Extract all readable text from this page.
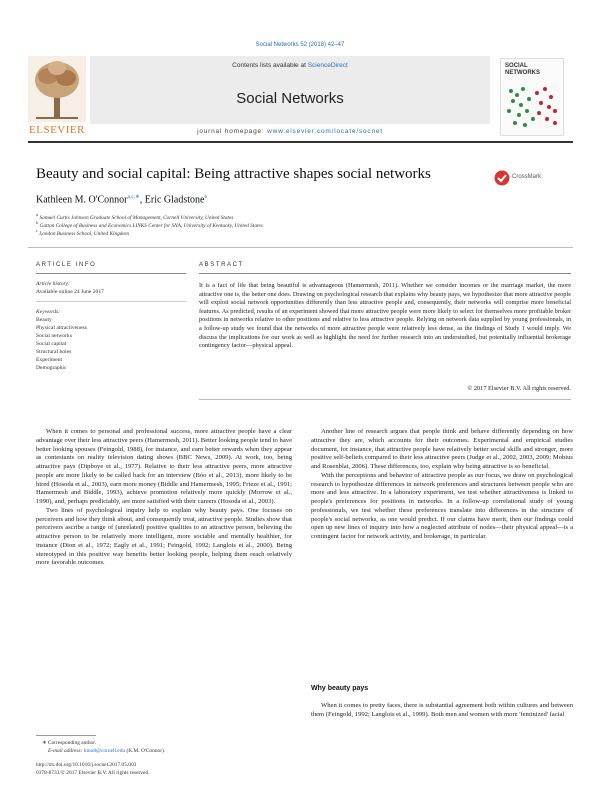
Social Networks 52 (2018) 42–47
ELSEVIER
Contents lists available at ScienceDirect
Social Networks
journal homepage: www.elsevier.com/locate/socnet
SOCIAL
NETWORKS
Beauty and social capital: Being attractive shapes social networks	CrossMark
Kathleen M. O'Connor$^{a,c,∗}$, Eric Gladstone$^b$
$^a$ Samuel Curtis Johnson Graduate School of Management, Cornell University, United States
$^b$ Gatton College of Business and Economics LINKS Center for SNA, University of Kentucky, United States
$^c$ London Business School, United Kingdom
ARTICLE INFO
Article history:
Available online 24 June 2017
Keywords:
Beauty
Physical attractiveness
Social networks
Social capital
Structural holes
Experiment
Demographic
ABSTRACT
It is a fact of life that being beautiful is advantageous (Hamermesh, 2011). Whether we consider incomes or the marriage market, the more attractive one is, the better one does. Drawing on psychological research that explains why beauty pays, we hypothesize that more attractive people will exploit social network opportunities differently than less attractive people and, consequently, their networks will comprise more beneficial features. As predicted, results of an experiment showed that more attractive people were more likely to select for themselves more profitable broker positions in networks relative to other positions and relative to less attractive people. Relying on network data supplied by young professionals, in a follow-up study we found that the networks of more attractive people were relatively less dense, as the findings of Study 1 would imply. We discuss the implications for our work as well as highlight the need for further research into an understudied, but potentially influential brokerage contingency factor—physical appeal.
© 2017 Elsevier B.V. All rights reserved.

When it comes to personal and professional success, more attractive people have a clear advantage over their less attractive peers (Hamermesh, 2011). Better looking people tend to have better looking spouses (Feingold, 1988), for instance, and earn better rewards when they appear as contestants on reality television dating shows (BBC News, 2009). At work, too, being attractive pays (Dipboye et al., 1977). Relative to their less attractive peers, more attractive people are more likely to be called back for an interview (Bóo et al., 2013), more likely to be hired (Hosoda et al., 2003), earn more money (Biddle and Hamermesh, 1995; Frieze et al., 1991; Hamermesh and Biddle, 1993), achieve promotion relatively more quickly (Morrow et al., 1990), and, perhaps predictably, are more satisfied with their careers (Hosoda et al., 2003).

Two lines of psychological inquiry help to explain why beauty pays. One focuses on perceivers and how they think about, and consequently treat, attractive people. Studies show that perceivers ascribe a range of (unrelated) positive qualities to an attractive person, believing the attractive person to be relatively more intelligent, more sociable and mentally healthier, for instance (Dion et al., 1972; Eagly et al., 1991; Feingold, 1992; Langlois et al., 2000). Being stereotyped in this positive way benefits better looking people, helping them reach relatively more favorable outcomes.

Another line of research argues that people think and behave differently depending on how attractive they are, which accounts for their outcomes. Experimental and empirical studies document, for instance, that attractive people have relatively better social skills and stronger, more positive self-beliefs compared to their less attractive peers (Judge et al., 2002, 2003, 2009; Mobius and Rosenblat, 2006). These differences, too, explain why being attractive is so beneficial.

With the perceptions and behavior of attractive people as our focus, we draw on psychological research to hypothesize differences in network preferences and structures between people who are more and less attractive. In a laboratory experiment, we test whether attractiveness is linked to people's preferences for positions in networks. In a follow-up correlational study of young professionals, we test whether these preferences translate into differences in the structure of people's social networks, as one would predict. If our claims have merit, then our findings could open up new lines of inquiry into how a neglected attribute of nodes—their physical appeal—is a contingent factor for network activity, and brokerage, in particular.

Why beauty pays

When it comes to pretty faces, there is substantial agreement both within cultures and between them (Feingold, 1992; Langlois et al., 1999). Both men and women with more 'feminized' facial

∗ Corresponding author.
E-mail address: kmo8@cornell.edu (K.M. O'Connor).
http://dx.doi.org/10.1016/j.socnet.2017.05.003
0378-8733/© 2017 Elsevier B.V. All rights reserved.
